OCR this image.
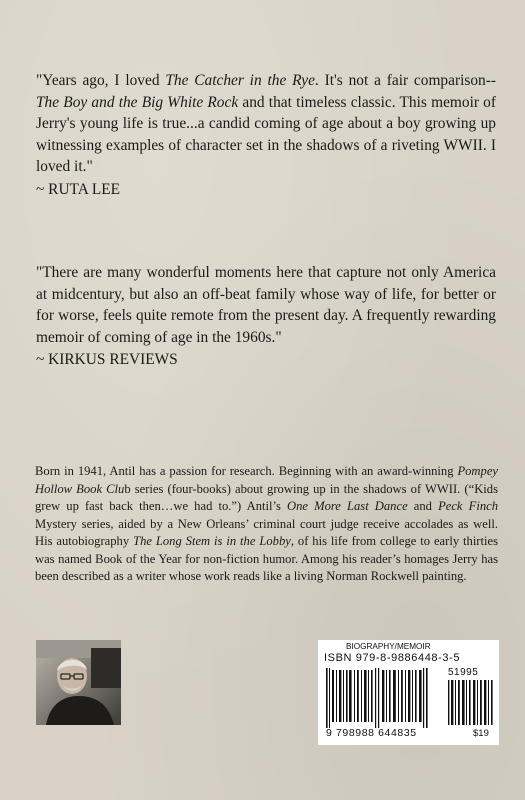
"Years ago, I loved The Catcher in the Rye. It's not a fair comparison-- The Boy and the Big White Rock and that timeless classic. This memoir of Jerry's young life is true...a candid coming of age about a boy growing up witnessing examples of character set in the shadows of a riveting WWII. I loved it."
~ RUTA LEE
"There are many wonderful moments here that capture not only America at midcentury, but also an off-beat family whose way of life, for better or for worse, feels quite remote from the present day. A frequently rewarding memoir of coming of age in the 1960s."
~ KIRKUS REVIEWS
Born in 1941, Antil has a passion for research. Beginning with an award-winning Pompey Hollow Book Club series (four-books) about growing up in the shadows of WWII. (“Kids grew up fast back then…we had to.”) Antil’s One More Last Dance and Peck Finch Mystery series, aided by a New Orleans’ criminal court judge receive accolades as well. His autobiography The Long Stem is in the Lobby, of his life from college to early thirties was named Book of the Year for non-fiction humor. Among his reader’s homages Jerry has been described as a writer whose work reads like a living Norman Rockwell painting.
BIOGRAPHY/MEMOIR
ISBN 979-8-9886448-3-5
51995
9 798988 644835	$19
